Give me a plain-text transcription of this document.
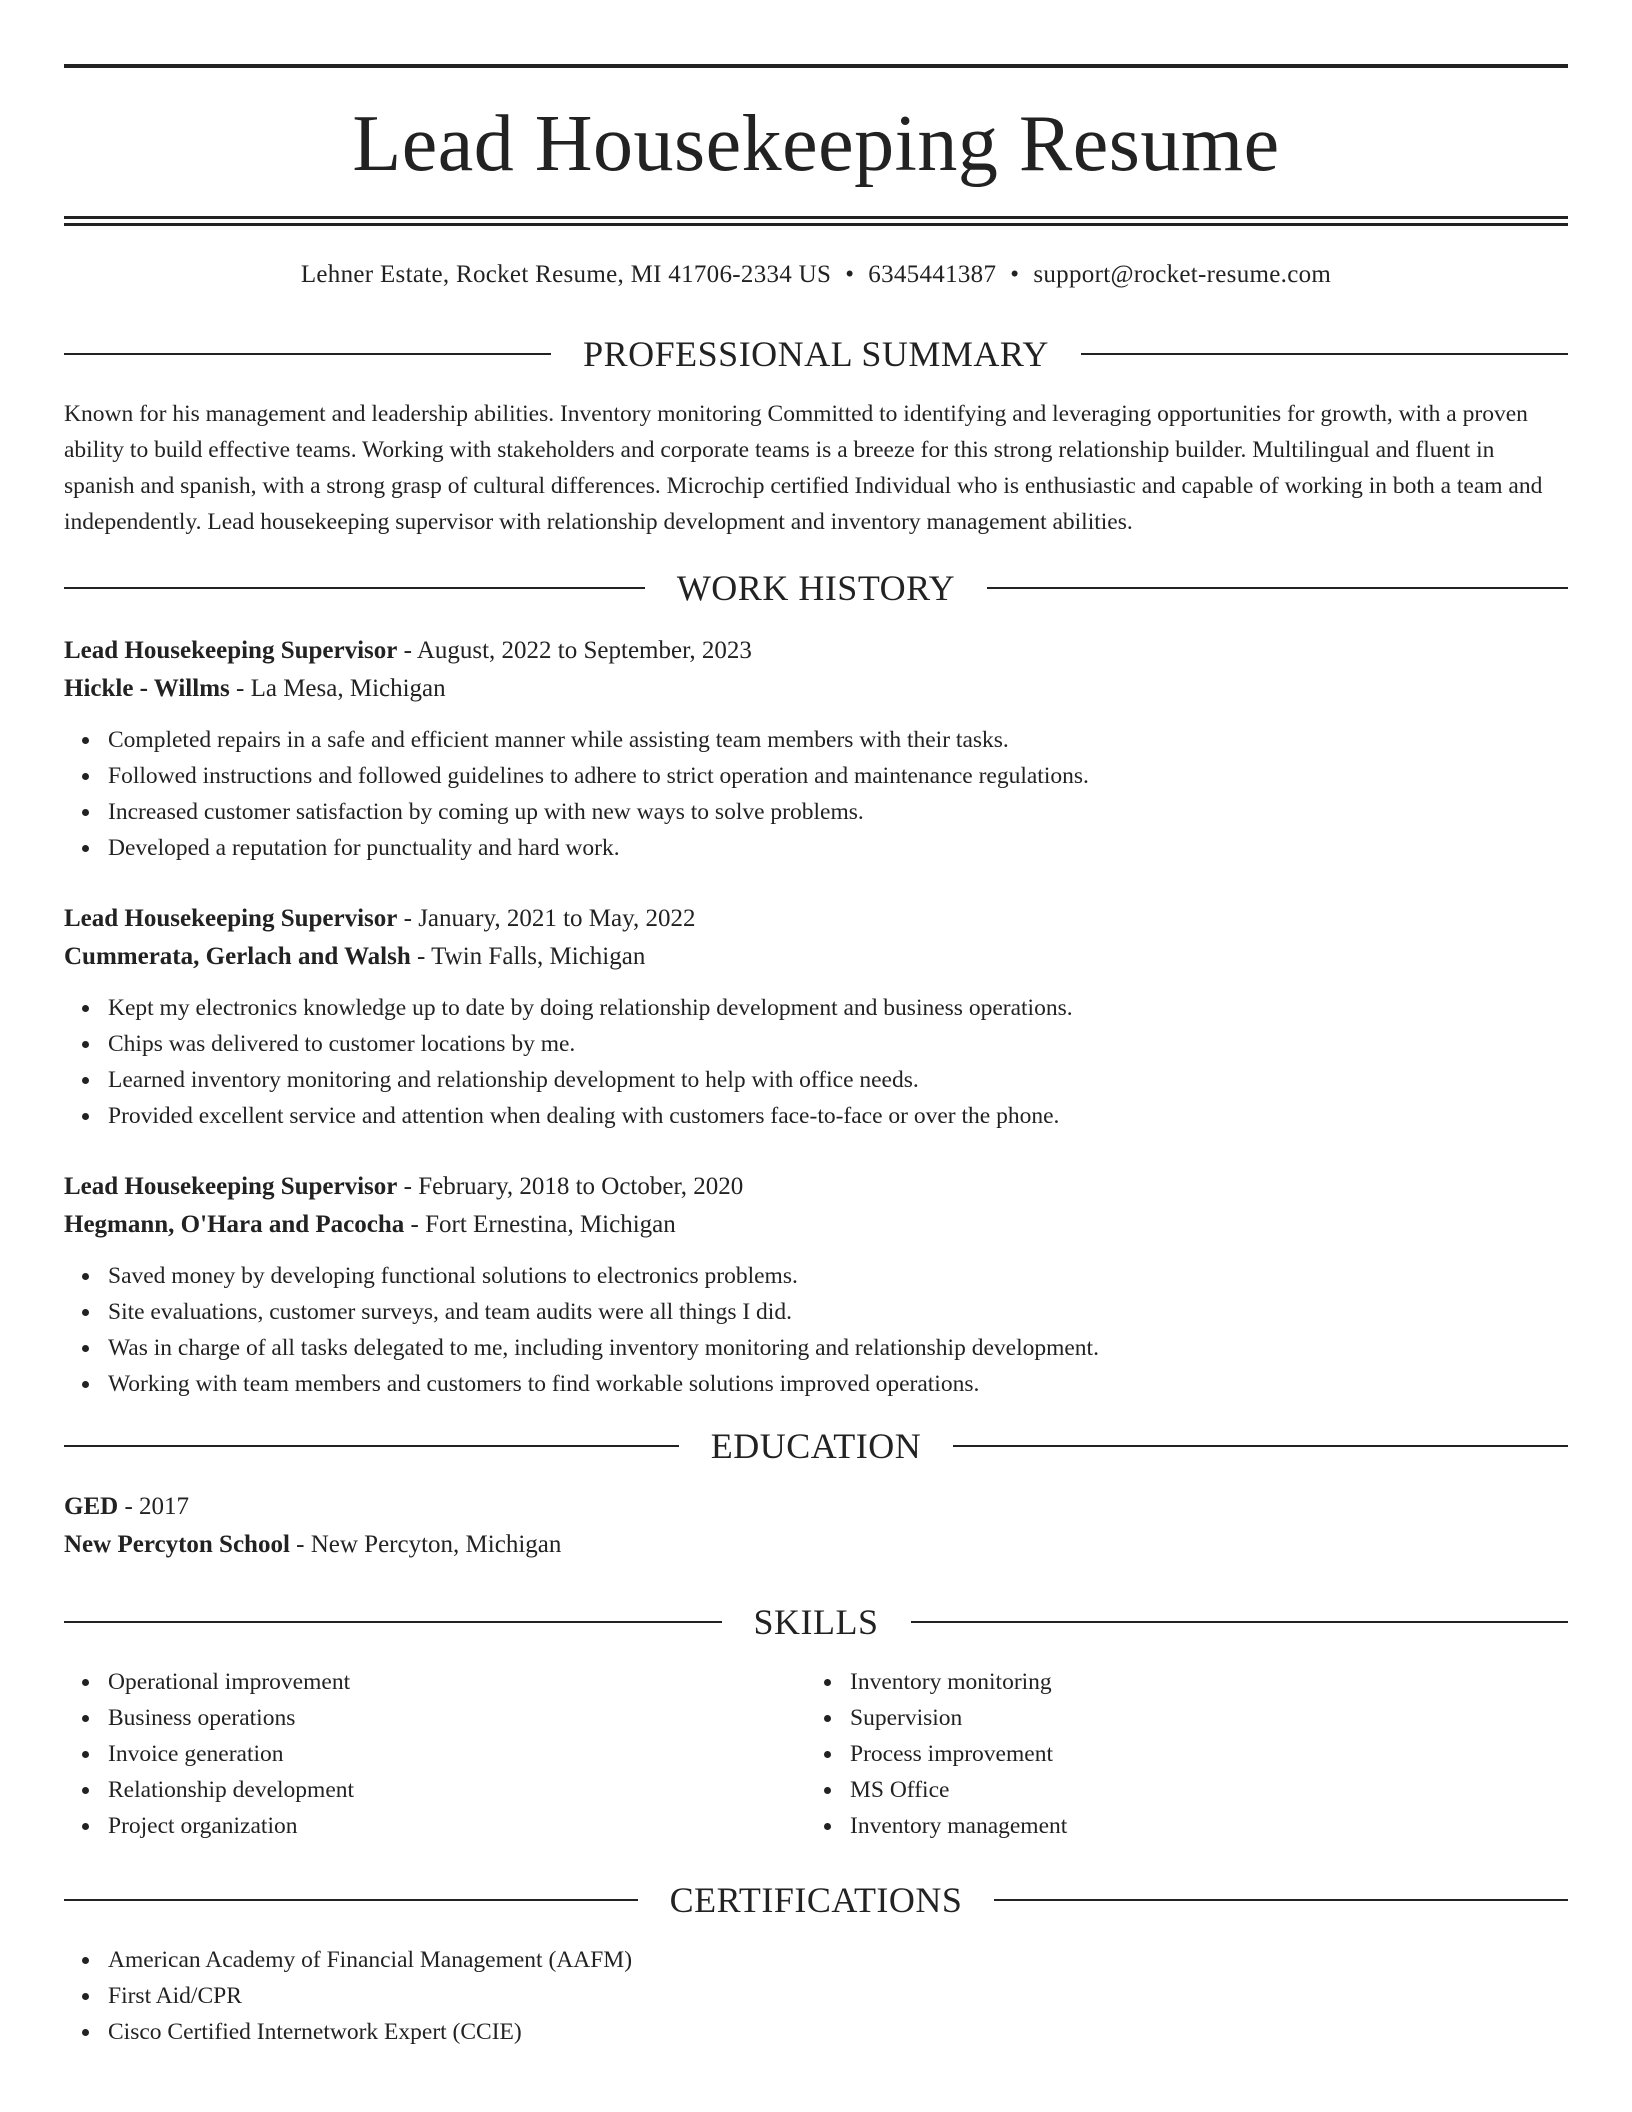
Lead Housekeeping Resume
Lehner Estate, Rocket Resume, MI 41706-2334 US • 6345441387 • support@rocket-resume.com
PROFESSIONAL SUMMARY

Known for his management and leadership abilities. Inventory monitoring Committed to identifying and leveraging opportunities for growth, with a proven ability to build effective teams. Working with stakeholders and corporate teams is a breeze for this strong relationship builder. Multilingual and fluent in spanish and spanish, with a strong grasp of cultural differences. Microchip certified Individual who is enthusiastic and capable of working in both a team and independently. Lead housekeeping supervisor with relationship development and inventory management abilities.

WORK HISTORY
Lead Housekeeping Supervisor - August, 2022 to September, 2023
Hickle - Willms - La Mesa, Michigan
Completed repairs in a safe and efficient manner while assisting team members with their tasks.
Followed instructions and followed guidelines to adhere to strict operation and maintenance regulations.
Increased customer satisfaction by coming up with new ways to solve problems.
Developed a reputation for punctuality and hard work.
Lead Housekeeping Supervisor - January, 2021 to May, 2022
Cummerata, Gerlach and Walsh - Twin Falls, Michigan
Kept my electronics knowledge up to date by doing relationship development and business operations.
Chips was delivered to customer locations by me.
Learned inventory monitoring and relationship development to help with office needs.
Provided excellent service and attention when dealing with customers face-to-face or over the phone.
Lead Housekeeping Supervisor - February, 2018 to October, 2020
Hegmann, O'Hara and Pacocha - Fort Ernestina, Michigan
Saved money by developing functional solutions to electronics problems.
Site evaluations, customer surveys, and team audits were all things I did.
Was in charge of all tasks delegated to me, including inventory monitoring and relationship development.
Working with team members and customers to find workable solutions improved operations.
EDUCATION
GED - 2017
New Percyton School - New Percyton, Michigan
SKILLS
Operational improvement
Business operations
Invoice generation
Relationship development
Project organization
Inventory monitoring
Supervision
Process improvement
MS Office
Inventory management
CERTIFICATIONS
American Academy of Financial Management (AAFM)
First Aid/CPR
Cisco Certified Internetwork Expert (CCIE)
